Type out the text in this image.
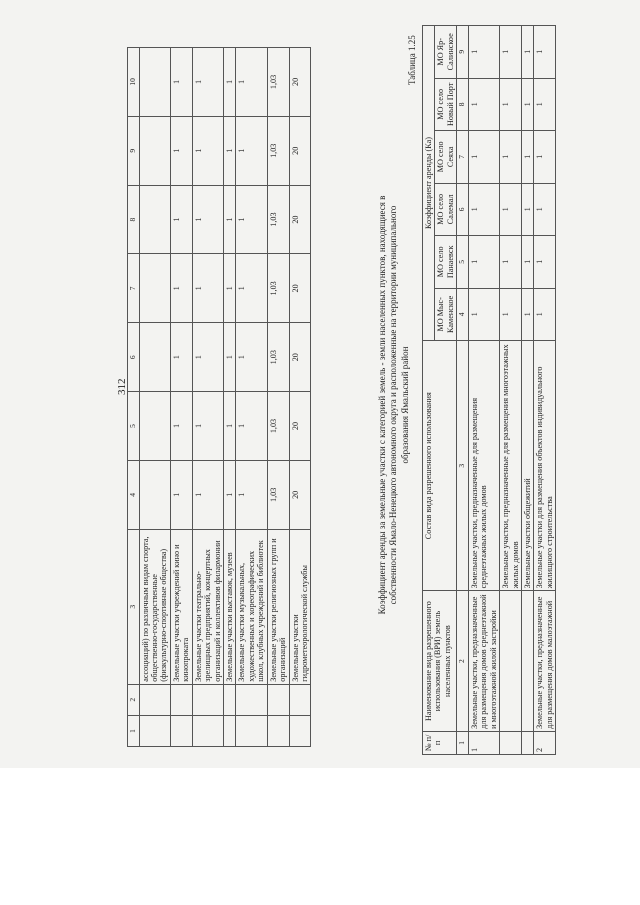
312
1	2	3	4	5	6	7	8	9	10
		ассоциаций) по различным видам спорта, общественно-государственные (физкультурно-спортивные общества)							
		Земельные участки учреждений кино и кинопроката	1	1	1	1	1	1	1
		Земельные участки театрально-зрелищных предприятий, концертных организаций и коллективов филармонии	1	1	1	1	1	1	1
		Земельные участки выставок, музеев	1	1	1	1	1	1	1
		Земельные участки музыкальных, художественных и хореографических школ, клубных учреждений и библиотек	1	1	1	1	1	1	1
		Земельные участки религиозных групп и организаций	1,03	1,03	1,03	1,03	1,03	1,03	1,03
		Земельные участки гидрометеорологической службы	20	20	20	20	20	20	20
Коэффициент аренды за земельные участки с категорией земель - земли населенных пунктов, находящиеся в собственности Ямало-Ненецкого автономного округа и расположенные на территории муниципального образования Ямальский район
Таблица 1.25
№ п/п	Наименование вида разрешенного использования (ВРИ) земель населенных пунктов	Состав вида разрешенного использования	Коэффициент аренды (Ка)					
			МО Мыс-Каменское	МО село Панаевск	МО село Салемал	МО село Сеяха	МО село Новый Порт	МО Яр-Салинское
1	2	3	4	5	6	7	8	9
1	Земельные участки, предназначенные для размещения домов среднеэтажной и многоэтажной жилой застройки	Земельные участки, предназначенные для размещения среднеэтажных жилых домов	1	1	1	1	1	1
		Земельные участки, предназначенные для размещения многоэтажных жилых домов	1	1	1	1	1	1
		Земельные участки общежитий	1	1	1	1	1	1
2	Земельные участки, предназначенные для размещения домов малоэтажной	Земельные участки для размещения объектов индивидуального жилищного строительства	1	1	1	1	1	1
